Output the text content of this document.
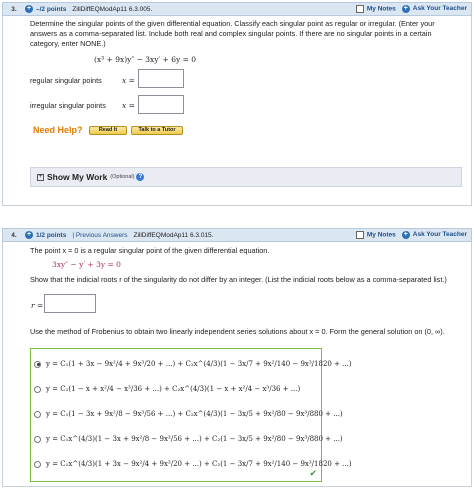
3.	+ –/2 points ZillDiffEQModAp11 6.3.005.	My Notes + Ask Your Teacher
Determine the singular points of the given differential equation. Classify each singular point as regular or irregular. (Enter your answers as a comma-separated list. Include both real and complex singular points. If there are no singular points in a certain category, enter NONE.)
(x³ + 9x)y″ − 3xy′ + 6y = 0
regular singular points	x =
irregular singular points x =
Need Help?	Read It	Talk to a Tutor
+ Show My Work (Optional) ?
4.	+ 1/2 points | Previous Answers ZillDiffEQModAp11 6.3.015.	My Notes + Ask Your Teacher
The point x = 0 is a regular singular point of the given differential equation.
3xy″ − y′ + 3y = 0
Show that the indicial roots r of the singularity do not differ by an integer. (List the indicial roots below as a comma-separated list.)
r =
Use the method of Frobenius to obtain two linearly independent series solutions about x = 0. Form the general solution on (0, ∞).
y = C₁(1 + 3x − 9x²/4 + 9x³/20 + ...) + C₂x^(4/3)(1 − 3x/7 + 9x²/140 − 9x³/1820 + ...)
y = C₁(1 − x + x²/4 − x³/36 + ...) + C₂x^(4/3)(1 − x + x²/4 − x³/36 + ...)
y = C₁(1 − 3x + 9x²/8 − 9x³/56 + ...) + C₂x^(4/3)(1 − 3x/5 + 9x²/80 − 9x³/880 + ...)
y = C₁x^(4/3)(1 − 3x + 9x²/8 − 9x³/56 + ...) + C₂(1 − 3x/5 + 9x²/80 − 9x³/880 + ...)
y = C₁x^(4/3)(1 + 3x − 9x²/4 + 9x³/20 + ...) + C₂(1 − 3x/7 + 9x²/140 − 9x³/1820 + ...)
✔
